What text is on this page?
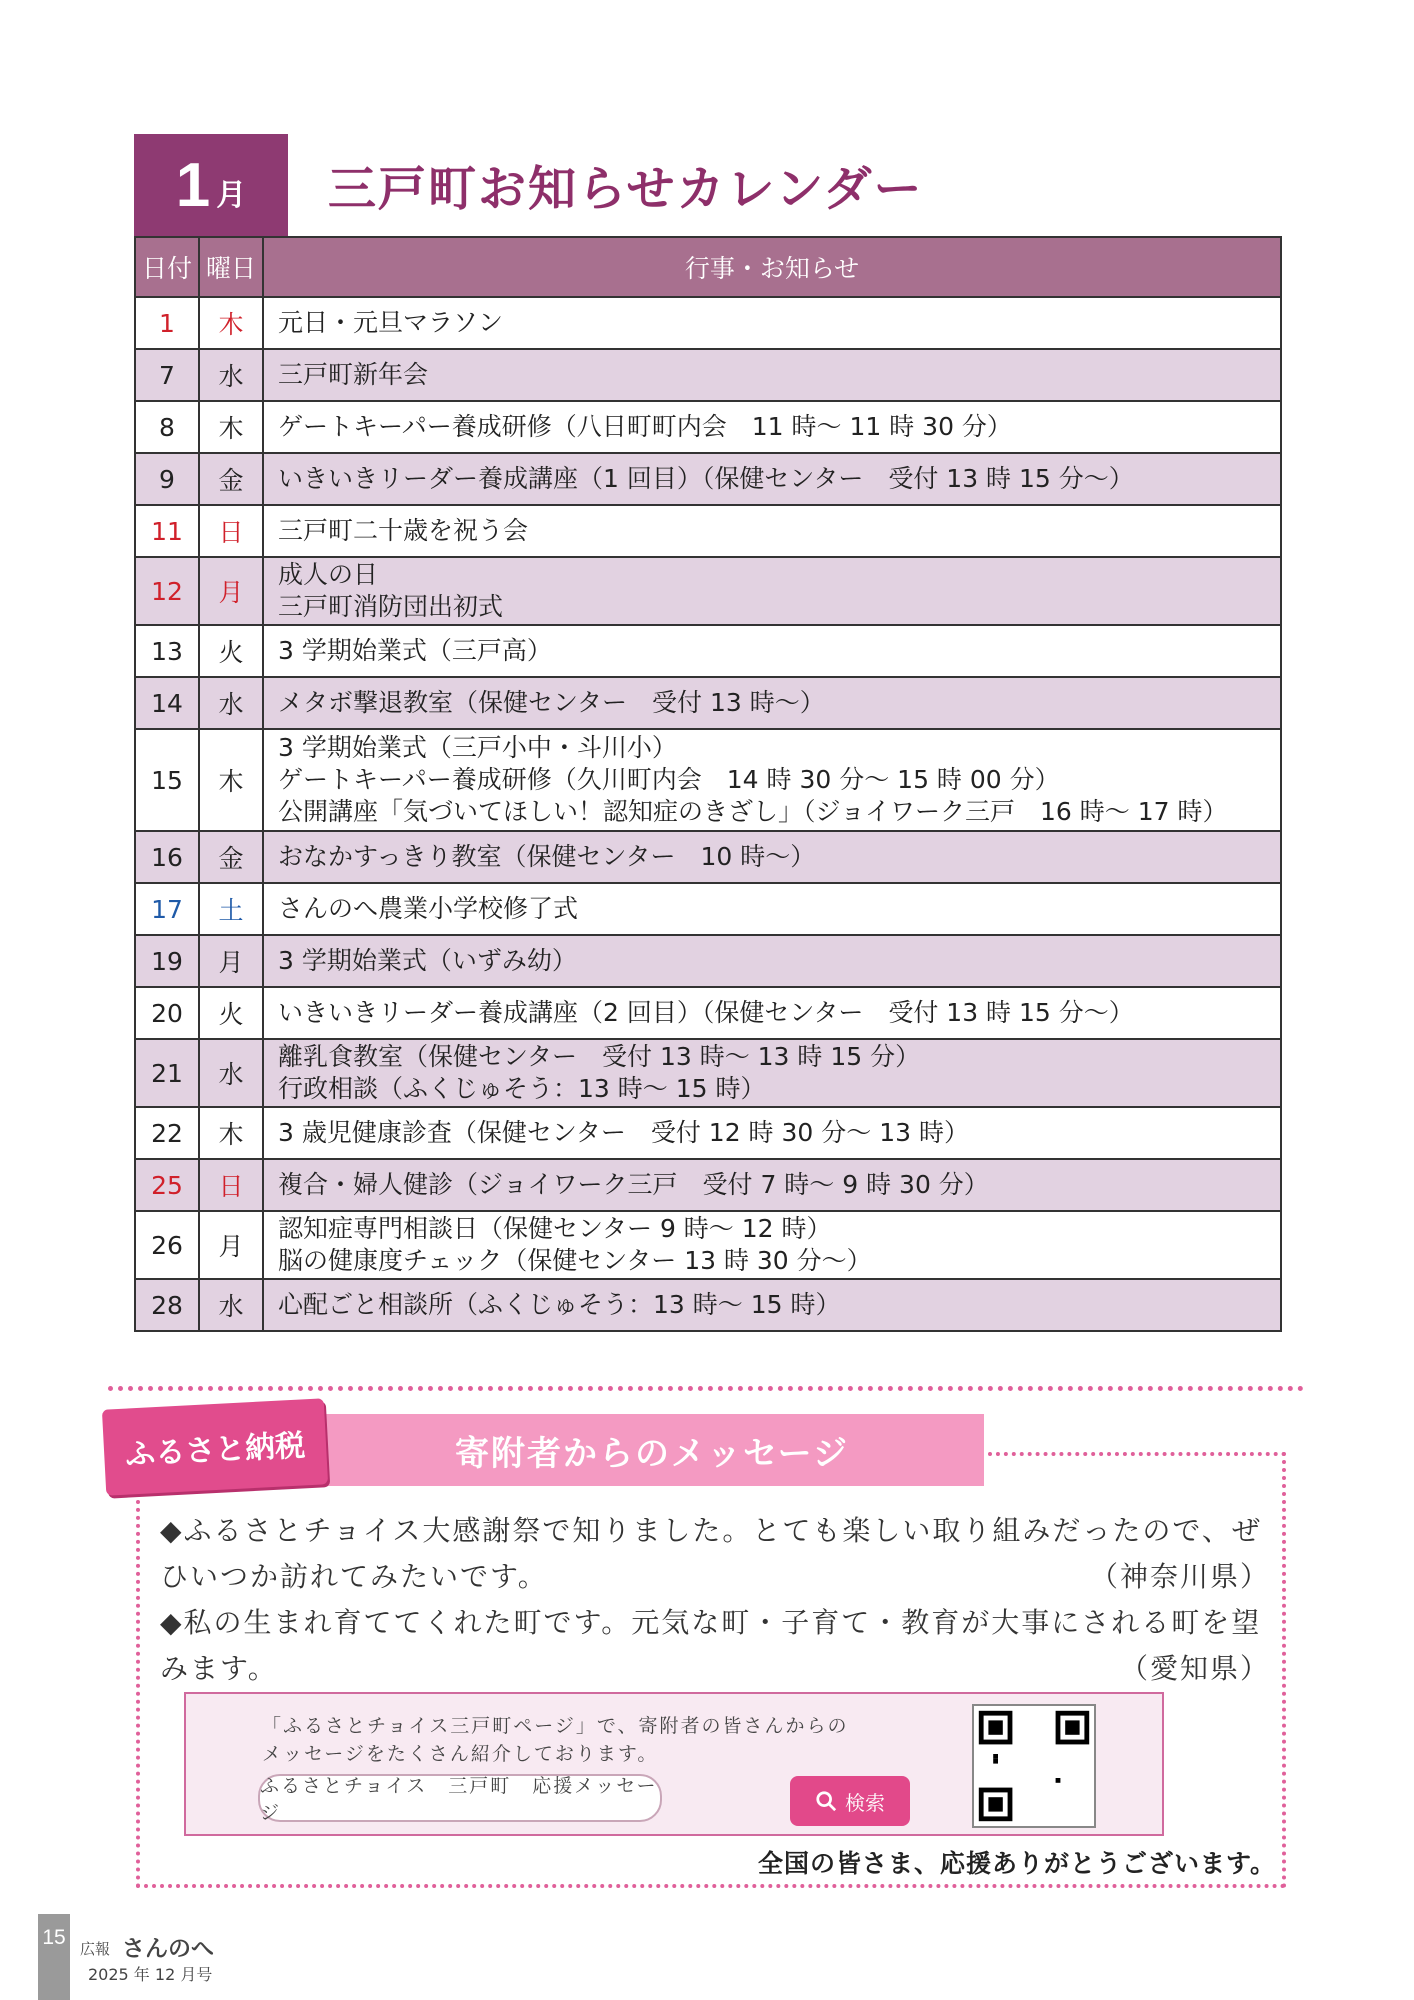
1 月 三戸町お知らせカレンダー
日付	曜日	行事・お知らせ
1	木	元日・元旦マラソン

7	水	三戸町新年会

8	木	ゲートキーパー養成研修（八日町町内会　11 時～ 11 時 30 分）

9	金	いきいきリーダー養成講座（1 回目）（保健センター　受付 13 時 15 分～）

11	日	三戸町二十歳を祝う会

12	月	成人の日
三戸町消防団出初式

13	火	3 学期始業式（三戸高）

14	水	メタボ撃退教室（保健センター　受付 13 時～）

15	木	3 学期始業式（三戸小中・斗川小）
ゲートキーパー養成研修（久川町内会　14 時 30 分～ 15 時 00 分）
公開講座「気づいてほしい！認知症のきざし」（ジョイワーク三戸　16 時～ 17 時）

16	金	おなかすっきり教室（保健センター　10 時～）

17	土	さんのへ農業小学校修了式

19	月	3 学期始業式（いずみ幼）

20	火	いきいきリーダー養成講座（2 回目）（保健センター　受付 13 時 15 分～）

21	水	離乳食教室（保健センター　受付 13 時～ 13 時 15 分）
行政相談（ふくじゅそう：13 時～ 15 時）

22	木	3 歳児健康診査（保健センター　受付 12 時 30 分～ 13 時）

25	日	複合・婦人健診（ジョイワーク三戸　受付 7 時～ 9 時 30 分）

26	月	認知症専門相談日（保健センター 9 時～ 12 時）
脳の健康度チェック（保健センター 13 時 30 分～）

28	水	心配ごと相談所（ふくじゅそう：13 時～ 15 時）
寄附者からのメッセージ
ふるさと納税
◆ふるさとチョイス大感謝祭で知りました。とても楽しい取り組みだったので、ぜひいつか訪れてみたいです。	（神奈川県）
◆私の生まれ育ててくれた町です。元気な町・子育て・教育が大事にされる町を望みます。	（愛知県）
「ふるさとチョイス三戸町ページ」で、寄附者の皆さんからの
メッセージをたくさん紹介しております。
ふるさとチョイス　三戸町　応援メッセージ	検索
全国の皆さま、応援ありがとうございます。
15 広報 さんのへ
2025 年 12 月号
